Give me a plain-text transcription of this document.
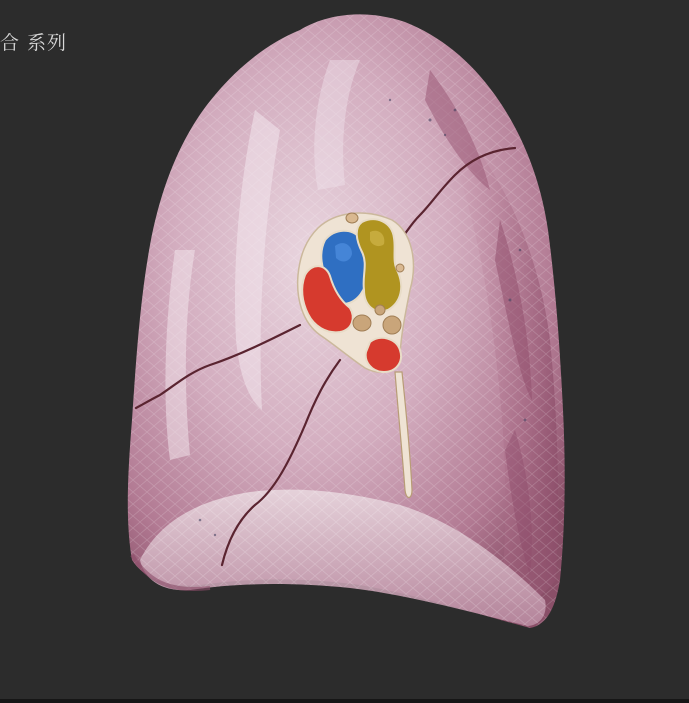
合 系列
